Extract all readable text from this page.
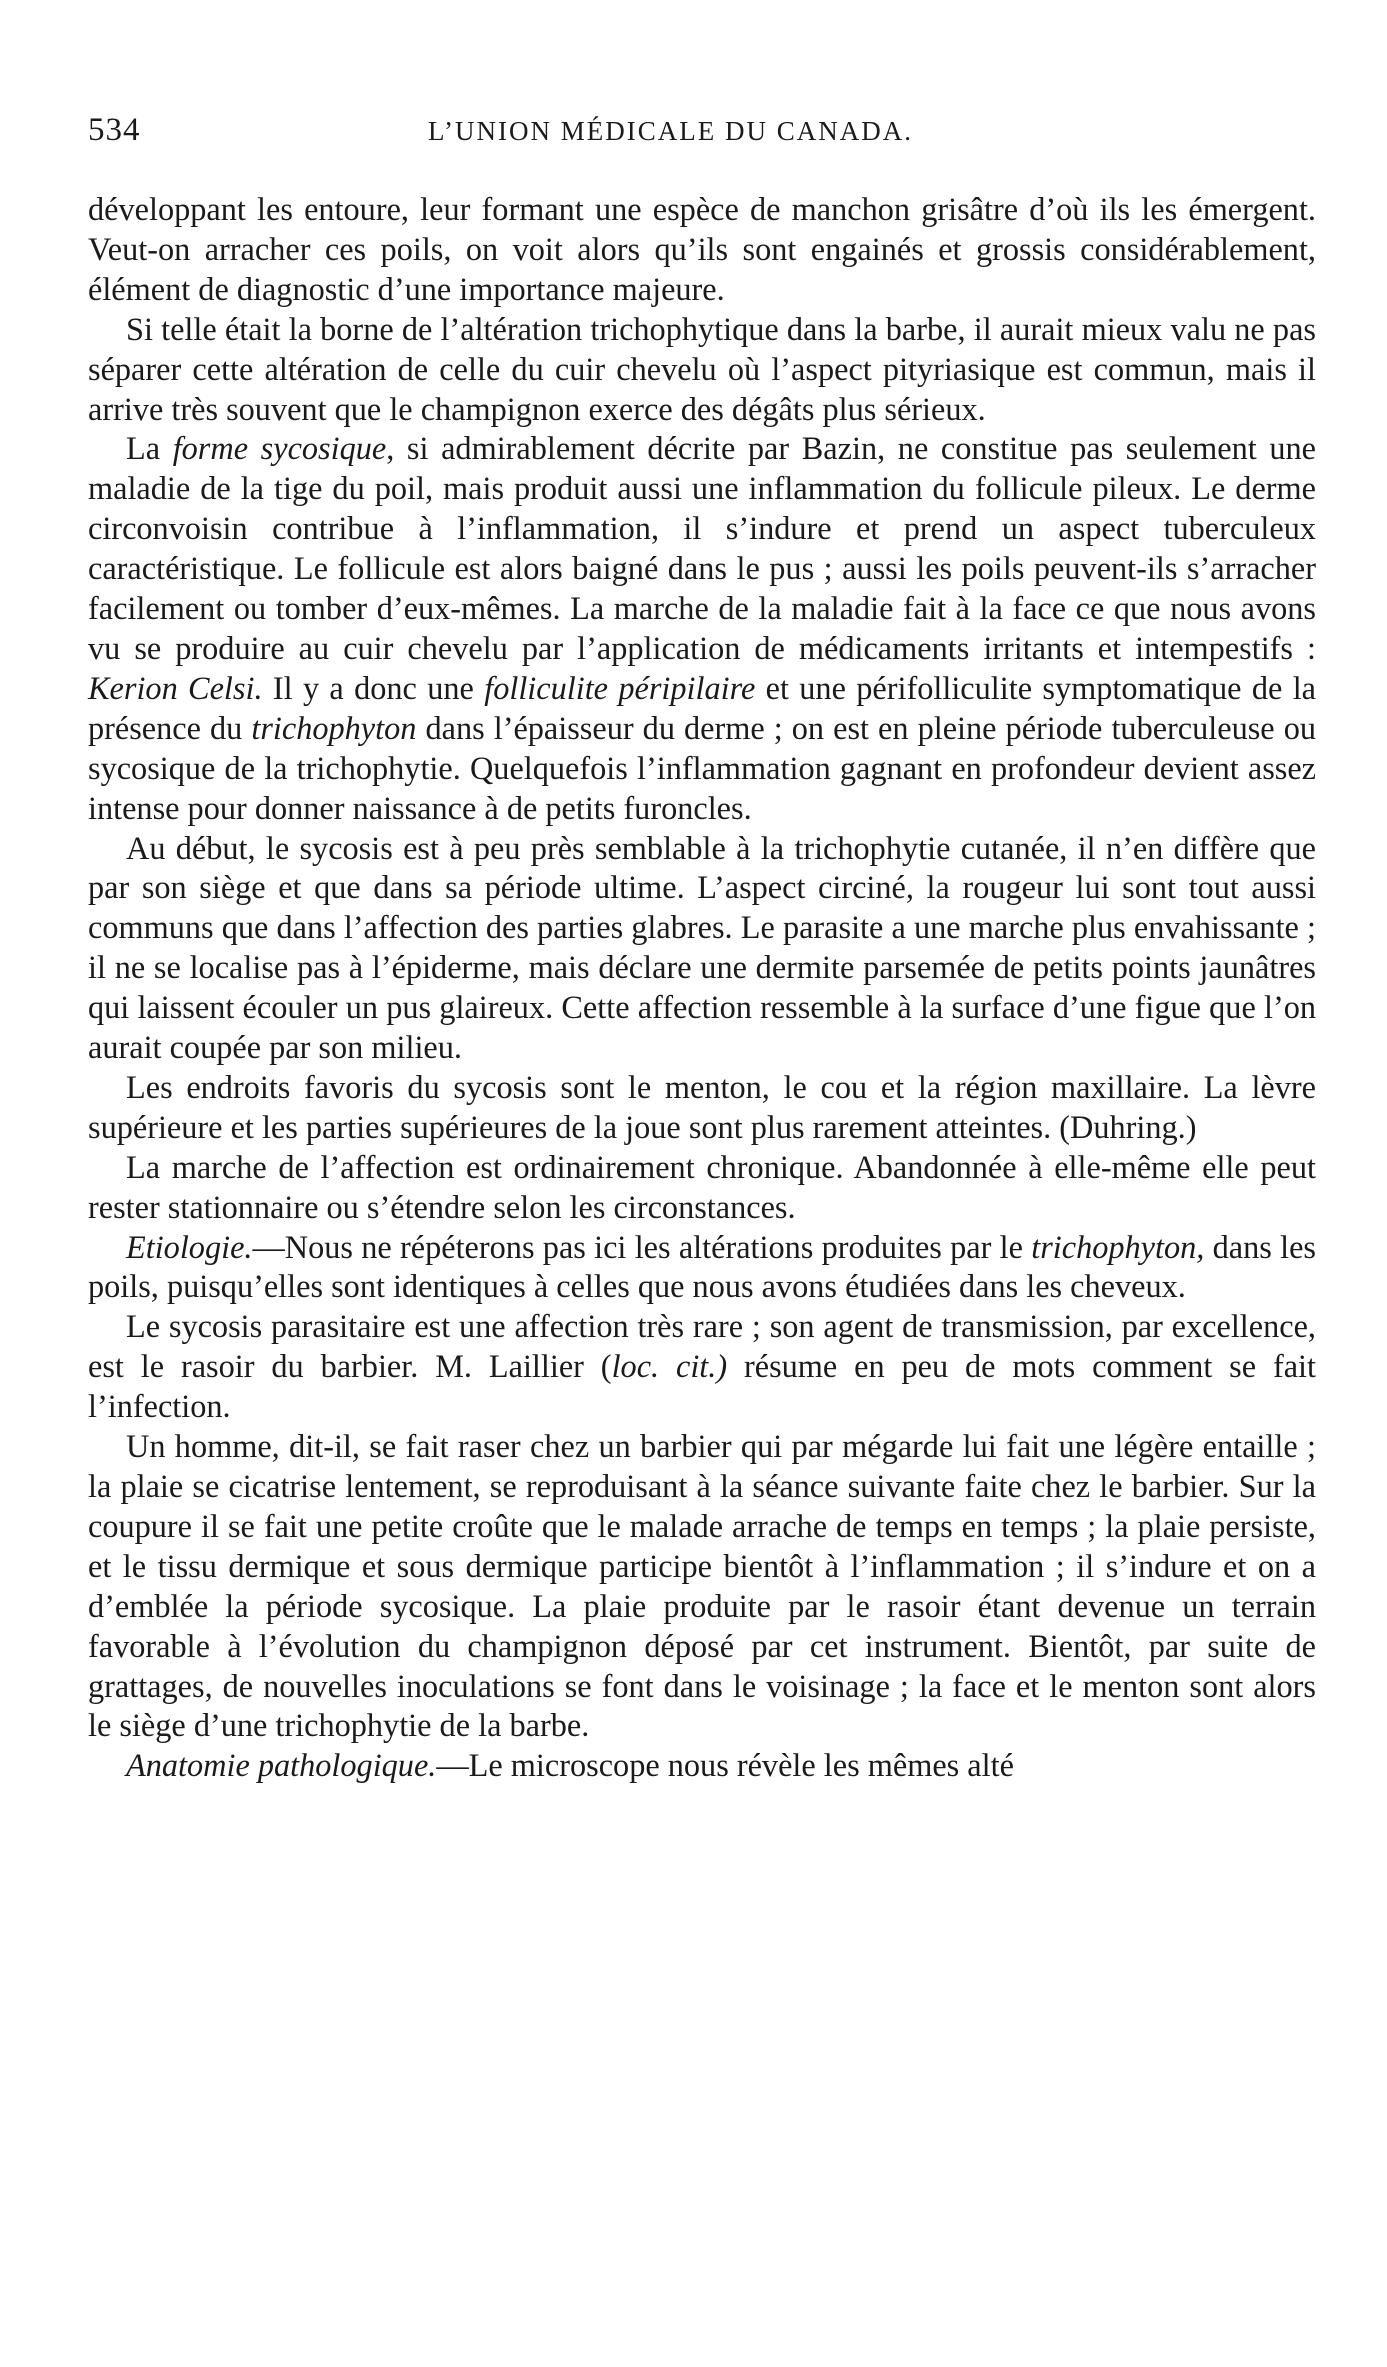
534	L’UNION MÉDICALE DU CANADA.

développant les entoure, leur formant une espèce de manchon grisâtre d’où ils les émergent. Veut-on arracher ces poils, on voit alors qu’ils sont engainés et grossis considérablement, élément de diagnostic d’une importance majeure.

Si telle était la borne de l’altération trichophytique dans la barbe, il aurait mieux valu ne pas séparer cette altération de celle du cuir chevelu où l’aspect pityriasique est commun, mais il arrive très souvent que le champignon exerce des dégâts plus sérieux.

La forme sycosique, si admirablement décrite par Bazin, ne constitue pas seulement une maladie de la tige du poil, mais produit aussi une inflammation du follicule pileux. Le derme circonvoisin contribue à l’inflammation, il s’indure et prend un aspect tuberculeux caractéristique. Le follicule est alors baigné dans le pus ; aussi les poils peuvent-ils s’arracher facilement ou tomber d’eux-mêmes. La marche de la maladie fait à la face ce que nous avons vu se produire au cuir chevelu par l’application de médicaments irritants et intempestifs : Kerion Celsi. Il y a donc une folliculite péripilaire et une périfolliculite symptomatique de la présence du trichophyton dans l’épaisseur du derme ; on est en pleine période tuberculeuse ou sycosique de la trichophytie. Quelquefois l’inflammation gagnant en profondeur devient assez intense pour donner naissance à de petits furoncles.

Au début, le sycosis est à peu près semblable à la trichophytie cutanée, il n’en diffère que par son siège et que dans sa période ultime. L’aspect circiné, la rougeur lui sont tout aussi communs que dans l’affection des parties glabres. Le parasite a une marche plus envahissante ; il ne se localise pas à l’épiderme, mais déclare une dermite parsemée de petits points jaunâtres qui laissent écouler un pus glaireux. Cette affection ressemble à la surface d’une figue que l’on aurait coupée par son milieu.

Les endroits favoris du sycosis sont le menton, le cou et la région maxillaire. La lèvre supérieure et les parties supérieures de la joue sont plus rarement atteintes. (Duhring.)

La marche de l’affection est ordinairement chronique. Abandonnée à elle-même elle peut rester stationnaire ou s’étendre selon les circonstances.

Etiologie.—Nous ne répéterons pas ici les altérations produites par le trichophyton, dans les poils, puisqu’elles sont identiques à celles que nous avons étudiées dans les cheveux.

Le sycosis parasitaire est une affection très rare ; son agent de transmission, par excellence, est le rasoir du barbier. M. Laillier (loc. cit.) résume en peu de mots comment se fait l’infection.

Un homme, dit-il, se fait raser chez un barbier qui par mégarde lui fait une légère entaille ; la plaie se cicatrise lentement, se reproduisant à la séance suivante faite chez le barbier. Sur la coupure il se fait une petite croûte que le malade arrache de temps en temps ; la plaie persiste, et le tissu dermique et sous dermique participe bientôt à l’inflammation ; il s’indure et on a d’emblée la période sycosique. La plaie produite par le rasoir étant devenue un terrain favorable à l’évolution du champignon déposé par cet instrument. Bientôt, par suite de grattages, de nouvelles inoculations se font dans le voisinage ; la face et le menton sont alors le siège d’une trichophytie de la barbe.

Anatomie pathologique.—Le microscope nous révèle les mêmes alté
